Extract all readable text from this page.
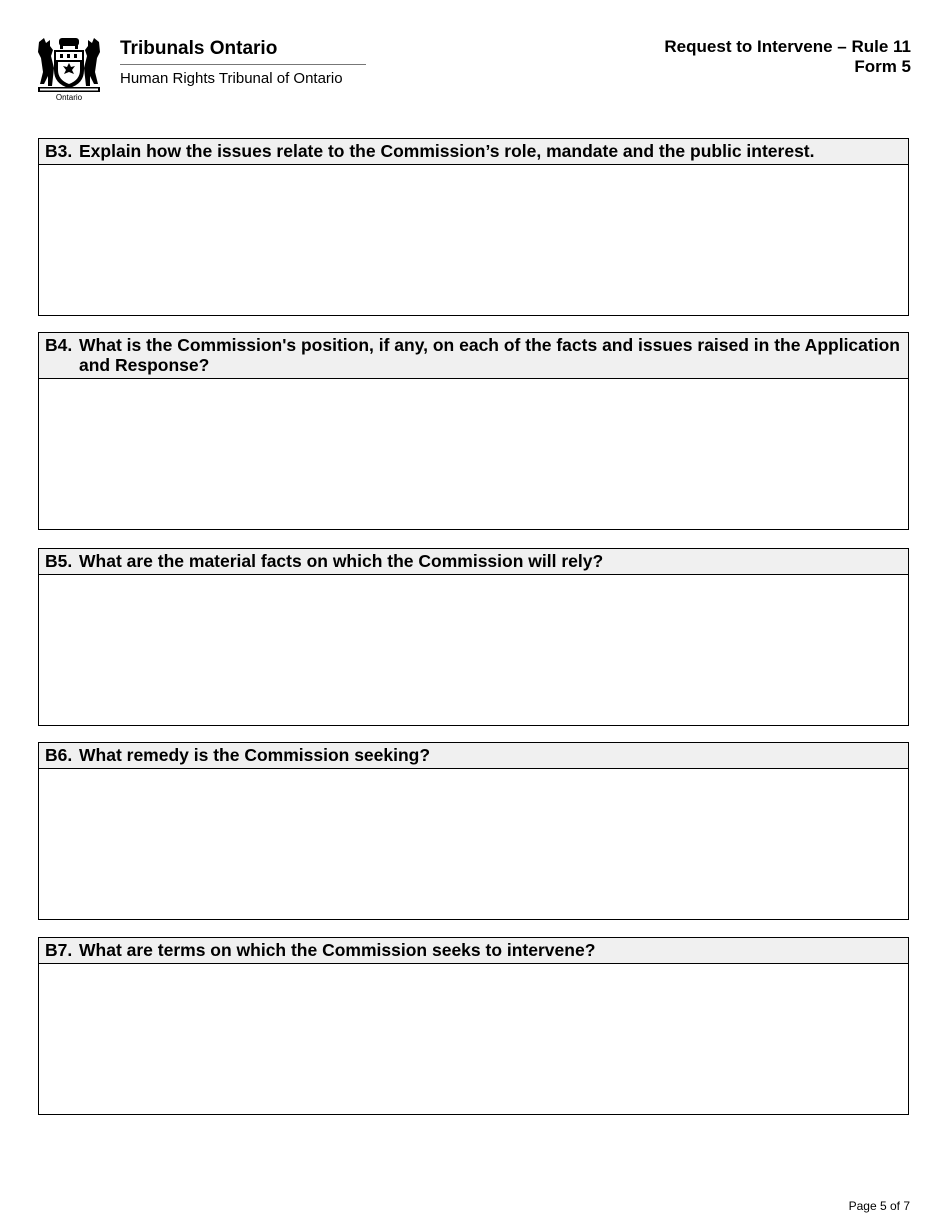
Ontario
Tribunals Ontario
Human Rights Tribunal of Ontario
Request to Intervene – Rule 11
Form 5
B3. Explain how the issues relate to the Commission’s role, mandate and the public interest.
B4. What is the Commission's position, if any, on each of the facts and issues raised in the Application and Response?
B5. What are the material facts on which the Commission will rely?
B6. What remedy is the Commission seeking?
B7. What are terms on which the Commission seeks to intervene?
Page 5 of 7
